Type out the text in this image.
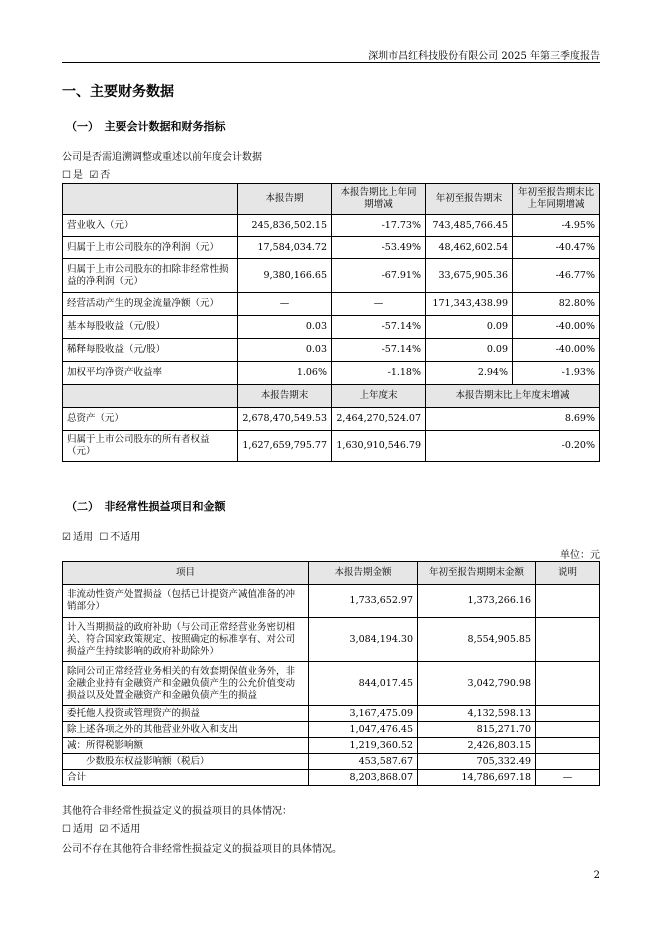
深圳市昌红科技股份有限公司 2025 年第三季度报告
一、主要财务数据
（一）　主要会计数据和财务指标
公司是否需追溯调整或重述以前年度会计数据
☐ 是 ☑ 否
	本报告期	本报告期比上年同期增减	年初至报告期末	年初至报告期末比上年同期增减
营业收入（元）	245,836,502.15	-17.73%	743,485,766.45	-4.95%
归属于上市公司股东的净利润（元）	17,584,034.72	-53.49%	48,462,602.54	-40.47%
归属于上市公司股东的扣除非经常性损益的净利润（元）	9,380,166.65	-67.91%	33,675,905.36	-46.77%
经营活动产生的现金流量净额（元）	—	—	171,343,438.99	82.80%
基本每股收益（元/股）	0.03	-57.14%	0.09	-40.00%
稀释每股收益（元/股）	0.03	-57.14%	0.09	-40.00%
加权平均净资产收益率	1.06%	-1.18%	2.94%	-1.93%
	本报告期末	上年度末	本报告期末比上年度末增减	
总资产（元）	2,678,470,549.53	2,464,270,524.07	8.69%	
归属于上市公司股东的所有者权益（元）	1,627,659,795.77	1,630,910,546.79	-0.20%	
（二）　非经常性损益项目和金额
☑ 适用 ☐ 不适用
单位：元
项目	本报告期金额	年初至报告期期末金额	说明
非流动性资产处置损益（包括已计提资产减值准备的冲销部分）	1,733,652.97	1,373,266.16	
计入当期损益的政府补助（与公司正常经营业务密切相关、符合国家政策规定、按照确定的标准享有、对公司损益产生持续影响的政府补助除外）	3,084,194.30	8,554,905.85	
除同公司正常经营业务相关的有效套期保值业务外，非金融企业持有金融资产和金融负债产生的公允价值变动损益以及处置金融资产和金融负债产生的损益	844,017.45	3,042,790.98	
委托他人投资或管理资产的损益	3,167,475.09	4,132,598.13	
除上述各项之外的其他营业外收入和支出	1,047,476.45	815,271.70	
减：所得税影响额	1,219,360.52	2,426,803.15	
　　少数股东权益影响额（税后）	453,587.67	705,332.49	
合计	8,203,868.07	14,786,697.18	—
其他符合非经常性损益定义的损益项目的具体情况：
☐ 适用 ☑ 不适用
公司不存在其他符合非经常性损益定义的损益项目的具体情况。
2
